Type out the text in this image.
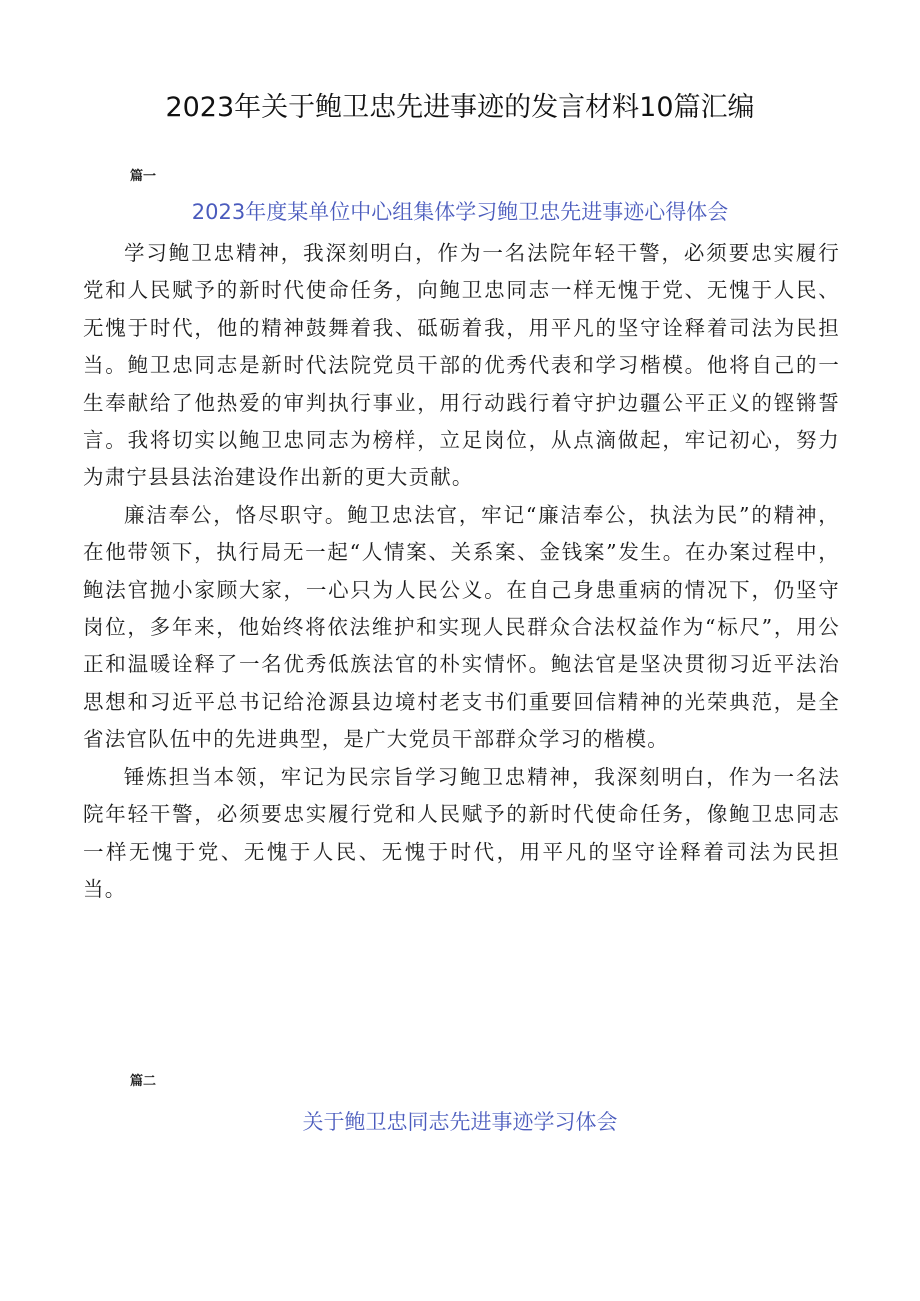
2023年关于鲍卫忠先进事迹的发言材料10篇汇编
篇一
2023年度某单位中心组集体学习鲍卫忠先进事迹心得体会

学习鲍卫忠精神，我深刻明白，作为一名法院年轻干警，必须要忠实履行党和人民赋予的新时代使命任务，向鲍卫忠同志一样无愧于党、无愧于人民、无愧于时代，他的精神鼓舞着我、砥砺着我，用平凡的坚守诠释着司法为民担当。鲍卫忠同志是新时代法院党员干部的优秀代表和学习楷模。他将自己的一生奉献给了他热爱的审判执行事业，用行动践行着守护边疆公平正义的铿锵誓言。我将切实以鲍卫忠同志为榜样，立足岗位，从点滴做起，牢记初心，努力为肃宁县县法治建设作出新的更大贡献。

廉洁奉公，恪尽职守。鲍卫忠法官，牢记“廉洁奉公，执法为民”的精神，在他带领下，执行局无一起“人情案、关系案、金钱案”发生。在办案过程中，鲍法官抛小家顾大家，一心只为人民公义。在自己身患重病的情况下，仍坚守岗位，多年来，他始终将依法维护和实现人民群众合法权益作为“标尺”，用公正和温暖诠释了一名优秀低族法官的朴实情怀。鲍法官是坚决贯彻习近平法治思想和习近平总书记给沧源县边境村老支书们重要回信精神的光荣典范，是全省法官队伍中的先进典型，是广大党员干部群众学习的楷模。

锤炼担当本领，牢记为民宗旨学习鲍卫忠精神，我深刻明白，作为一名法院年轻干警，必须要忠实履行党和人民赋予的新时代使命任务，像鲍卫忠同志一样无愧于党、无愧于人民、无愧于时代，用平凡的坚守诠释着司法为民担当。

篇二
关于鲍卫忠同志先进事迹学习体会
